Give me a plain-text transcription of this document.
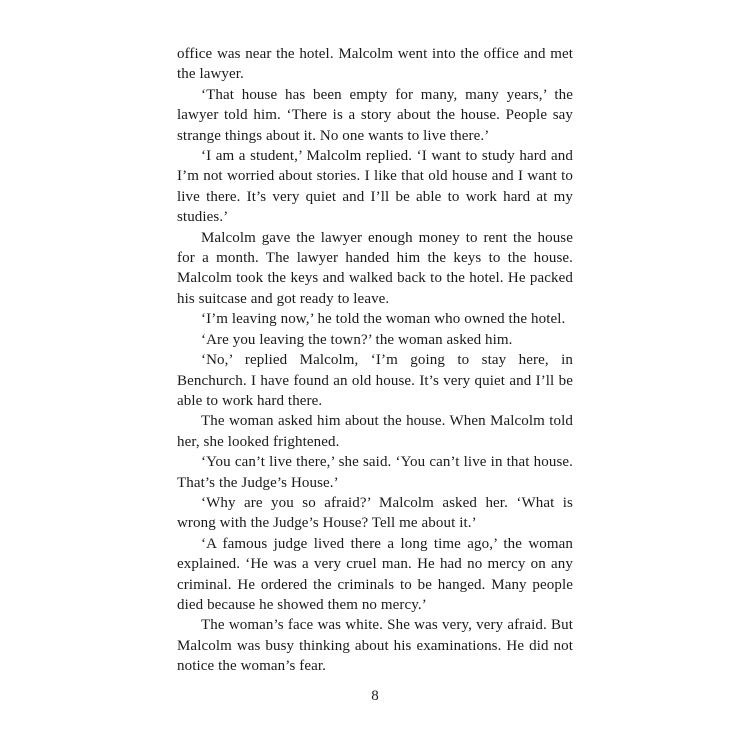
office was near the hotel. Malcolm went into the office and met the lawyer.

‘That house has been empty for many, many years,’ the lawyer told him. ‘There is a story about the house. People say strange things about it. No one wants to live there.’

‘I am a student,’ Malcolm replied. ‘I want to study hard and I’m not worried about stories. I like that old house and I want to live there. It’s very quiet and I’ll be able to work hard at my studies.’

Malcolm gave the lawyer enough money to rent the house for a month. The lawyer handed him the keys to the house. Malcolm took the keys and walked back to the hotel. He packed his suitcase and got ready to leave.

‘I’m leaving now,’ he told the woman who owned the hotel.

‘Are you leaving the town?’ the woman asked him.

‘No,’ replied Malcolm, ‘I’m going to stay here, in Benchurch. I have found an old house. It’s very quiet and I’ll be able to work hard there.

The woman asked him about the house. When Malcolm told her, she looked frightened.

‘You can’t live there,’ she said. ‘You can’t live in that house. That’s the Judge’s House.’

‘Why are you so afraid?’ Malcolm asked her. ‘What is wrong with the Judge’s House? Tell me about it.’

‘A famous judge lived there a long time ago,’ the woman explained. ‘He was a very cruel man. He had no mercy on any criminal. He ordered the criminals to be hanged. Many people died because he showed them no mercy.’

The woman’s face was white. She was very, very afraid. But Malcolm was busy thinking about his examinations. He did not notice the woman’s fear.

8
